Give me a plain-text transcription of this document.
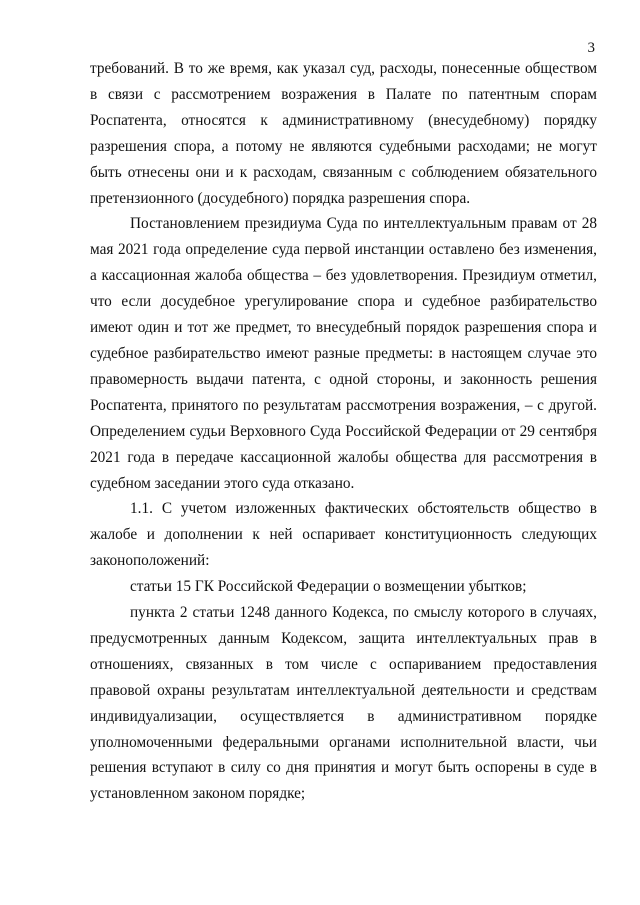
3

требований. В то же время, как указал суд, расходы, понесенные обществом в связи с рассмотрением возражения в Палате по патентным спорам Роспатента, относятся к административному (внесудебному) порядку разрешения спора, а потому не являются судебными расходами; не могут быть отнесены они и к расходам, связанным с соблюдением обязательного претензионного (досудебного) порядка разрешения спора.

Постановлением президиума Суда по интеллектуальным правам от 28 мая 2021 года определение суда первой инстанции оставлено без изменения, а кассационная жалоба общества – без удовлетворения. Президиум отметил, что если досудебное урегулирование спора и судебное разбирательство имеют один и тот же предмет, то внесудебный порядок разрешения спора и судебное разбирательство имеют разные предметы: в настоящем случае это правомерность выдачи патента, с одной стороны, и законность решения Роспатента, принятого по результатам рассмотрения возражения, – с другой. Определением судьи Верховного Суда Российской Федерации от 29 сентября 2021 года в передаче кассационной жалобы общества для рассмотрения в судебном заседании этого суда отказано.

1.1. С учетом изложенных фактических обстоятельств общество в жалобе и дополнении к ней оспаривает конституционность следующих законоположений:

статьи 15 ГК Российской Федерации о возмещении убытков;

пункта 2 статьи 1248 данного Кодекса, по смыслу которого в случаях, предусмотренных данным Кодексом, защита интеллектуальных прав в отношениях, связанных в том числе с оспариванием предоставления правовой охраны результатам интеллектуальной деятельности и средствам индивидуализации, осуществляется в административном порядке уполномоченными федеральными органами исполнительной власти, чьи решения вступают в силу со дня принятия и могут быть оспорены в суде в установленном законом порядке;
